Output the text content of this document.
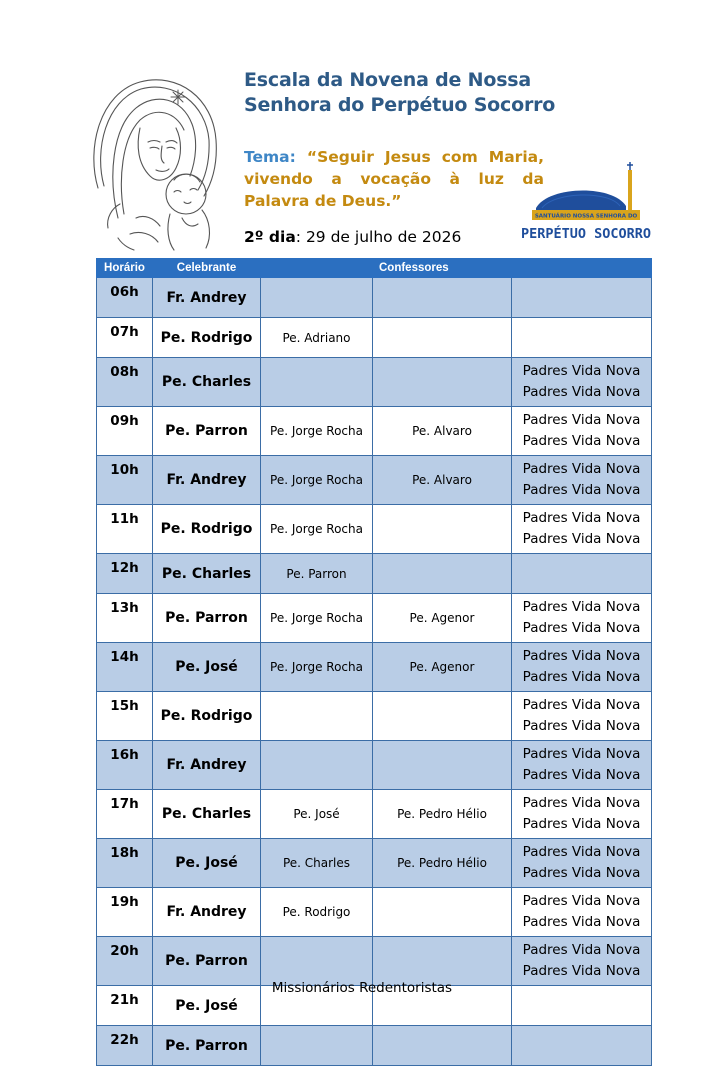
SANTUÁRIO NOSSA SENHORA DO
PERPÉTUO SOCORRO
Escala da Novena de Nossa
Senhora do Perpétuo Socorro
Tema: “Seguir Jesus com Maria, vivendo a vocação à luz da Palavra de Deus.”
2º dia: 29 de julho de 2026
Horário	Celebrante		Confessores	
06h	Fr. Andrey			

07h	Pe. Rodrigo	Pe. Adriano		

08h	Pe. Charles			Padres Vida Nova
Padres Vida Nova

09h	Pe. Parron	Pe. Jorge Rocha	Pe. Alvaro	Padres Vida Nova
Padres Vida Nova

10h	Fr. Andrey	Pe. Jorge Rocha	Pe. Alvaro	Padres Vida Nova
Padres Vida Nova

11h	Pe. Rodrigo	Pe. Jorge Rocha		Padres Vida Nova
Padres Vida Nova

12h	Pe. Charles	Pe. Parron		

13h	Pe. Parron	Pe. Jorge Rocha	Pe. Agenor	Padres Vida Nova
Padres Vida Nova

14h	Pe. José	Pe. Jorge Rocha	Pe. Agenor	Padres Vida Nova
Padres Vida Nova

15h	Pe. Rodrigo			Padres Vida Nova
Padres Vida Nova

16h	Fr. Andrey			Padres Vida Nova
Padres Vida Nova

17h	Pe. Charles	Pe. José	Pe. Pedro Hélio	Padres Vida Nova
Padres Vida Nova

18h	Pe. José	Pe. Charles	Pe. Pedro Hélio	Padres Vida Nova
Padres Vida Nova

19h	Fr. Andrey	Pe. Rodrigo		Padres Vida Nova
Padres Vida Nova

20h	Pe. Parron			Padres Vida Nova
Padres Vida Nova

21h	Pe. José			

22h	Pe. Parron			
Missionários Redentoristas
